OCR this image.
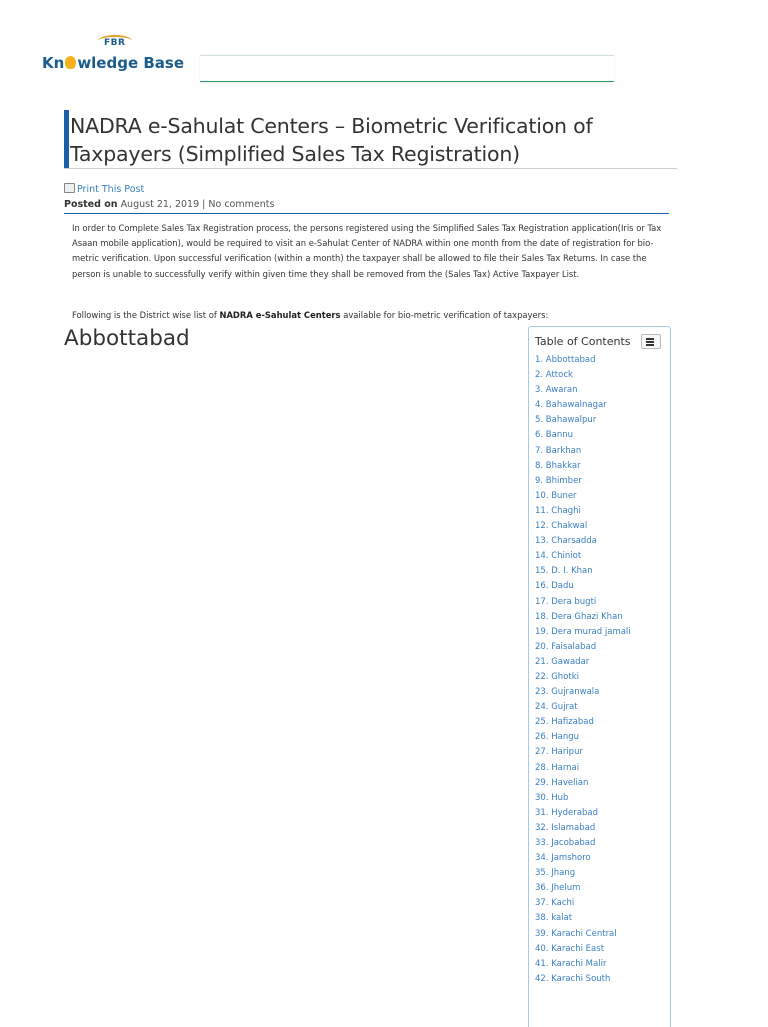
FBR
Kn wledge Base
NADRA e-Sahulat Centers – Biometric Verification of Taxpayers (Simplified Sales Tax Registration)
Print This Post
Posted on August 21, 2019 | No comments

In order to Complete Sales Tax Registration process, the persons registered using the Simplified Sales Tax Registration application(Iris or Tax Asaan mobile application), would be required to visit an e-Sahulat Center of NADRA within one month from the date of registration for bio-metric verification. Upon successful verification (within a month) the taxpayer shall be allowed to file their Sales Tax Returns. In case the person is unable to successfully verify within given time they shall be removed from the (Sales Tax) Active Taxpayer List.

Following is the District wise list of NADRA e-Sahulat Centers available for bio-metric verification of taxpayers:

Abbottabad	Table of Contents
1. Abbottabad
2. Attock
3. Awaran
4. Bahawalnagar
5. Bahawalpur
6. Bannu
7. Barkhan
8. Bhakkar
9. Bhimber
10. Buner
11. Chaghi
12. Chakwal
13. Charsadda
14. Chiniot
15. D. I. Khan
16. Dadu
17. Dera bugti
18. Dera Ghazi Khan
19. Dera murad jamali
20. Faisalabad
21. Gawadar
22. Ghotki
23. Gujranwala
24. Gujrat
25. Hafizabad
26. Hangu
27. Haripur
28. Harnai
29. Havelian
30. Hub
31. Hyderabad
32. Islamabad
33. Jacobabad
34. Jamshoro
35. Jhang
36. Jhelum
37. Kachi
38. kalat
39. Karachi Central
40. Karachi East
41. Karachi Malir
42. Karachi South
